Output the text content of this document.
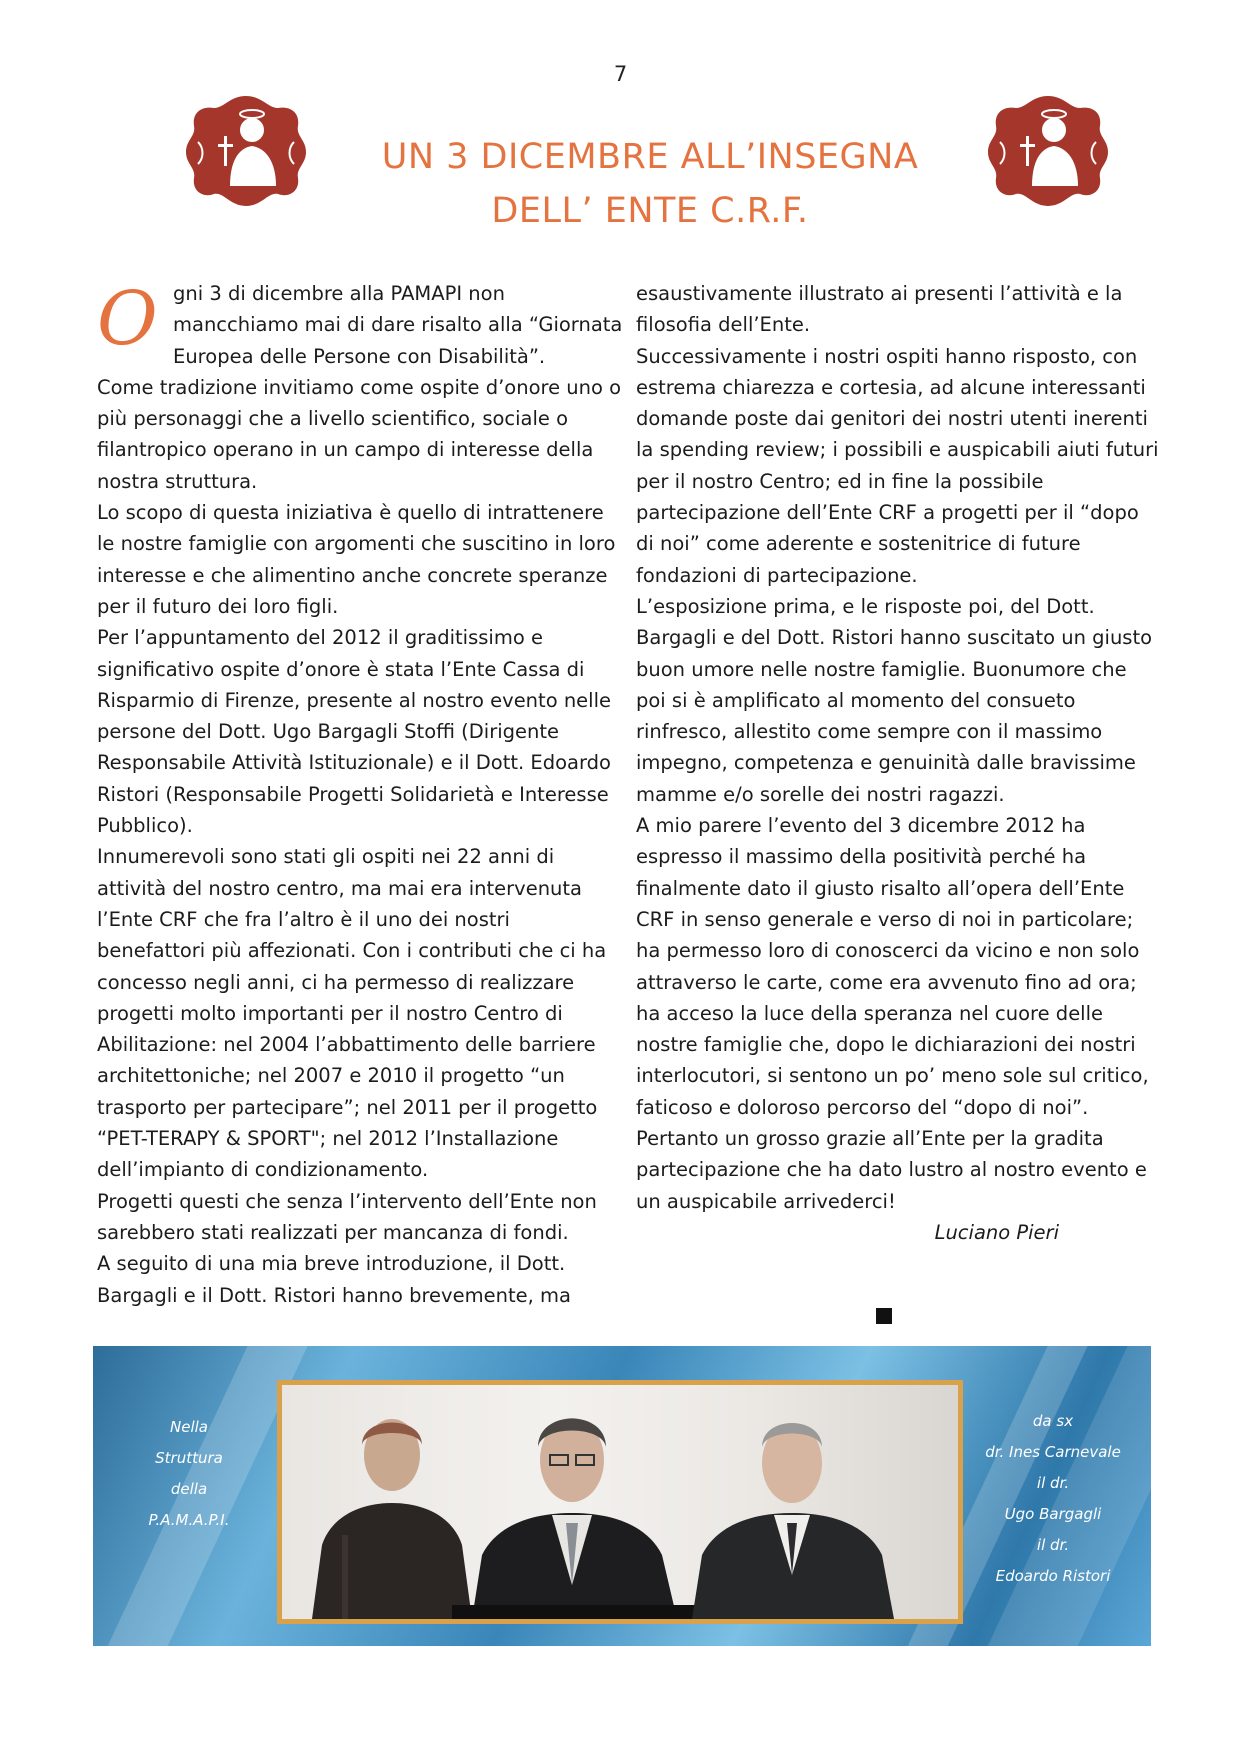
7
UN 3 DICEMBRE ALL’INSEGNA
DELL’ ENTE C.R.F.
O gni 3 di dicembre alla PAMAPI non mancchiamo mai di dare risalto alla “Giornata Europea delle Persone con Disabilità”.

Come tradizione invitiamo come ospite d’onore uno o più personaggi che a livello scientifico, sociale o filantropico operano in un campo di interesse della nostra struttura.

Lo scopo di questa iniziativa è quello di intrattenere le nostre famiglie con argomenti che suscitino in loro interesse e che alimentino anche concrete speranze per il futuro dei loro figli.

Per l’appuntamento del 2012 il graditissimo e significativo ospite d’onore è stata l’Ente Cassa di Risparmio di Firenze, presente al nostro evento nelle persone del Dott. Ugo Bargagli Stoffi (Dirigente Responsabile Attività Istituzionale) e il Dott. Edoardo Ristori (Responsabile Progetti Solidarietà e Interesse Pubblico).

Innumerevoli sono stati gli ospiti nei 22 anni di attività del nostro centro, ma mai era intervenuta l’Ente CRF che fra l’altro è il uno dei nostri benefattori più affezionati. Con i contributi che ci ha concesso negli anni, ci ha permesso di realizzare progetti molto importanti per il nostro Centro di Abilitazione: nel 2004 l’abbattimento delle barriere architettoniche; nel 2007 e 2010 il progetto “un trasporto per partecipare”; nel 2011 per il progetto “PET-TERAPY & SPORT"; nel 2012 l’Installazione dell’impianto di condizionamento.

Progetti questi che senza l’intervento dell’Ente non sarebbero stati realizzati per mancanza di fondi.

A seguito di una mia breve introduzione, il Dott. Bargagli e il Dott. Ristori hanno brevemente, ma

esaustivamente illustrato ai presenti l’attività e la filosofia dell’Ente.

Successivamente i nostri ospiti hanno risposto, con estrema chiarezza e cortesia, ad alcune interessanti domande poste dai genitori dei nostri utenti inerenti la spending review; i possibili e auspicabili aiuti futuri per il nostro Centro; ed in fine la possibile partecipazione dell’Ente CRF a progetti per il “dopo di noi” come aderente e sostenitrice di future fondazioni di partecipazione.

L’esposizione prima, e le risposte poi, del Dott. Bargagli e del Dott. Ristori hanno suscitato un giusto buon umore nelle nostre famiglie. Buonumore che poi si è amplificato al momento del consueto rinfresco, allestito come sempre con il massimo impegno, competenza e genuinità dalle bravissime mamme e/o sorelle dei nostri ragazzi.

A mio parere l’evento del 3 dicembre 2012 ha espresso il massimo della positività perché ha finalmente dato il giusto risalto all’opera dell’Ente CRF in senso generale e verso di noi in particolare; ha permesso loro di conoscerci da vicino e non solo attraverso le carte, come era avvenuto fino ad ora; ha acceso la luce della speranza nel cuore delle nostre famiglie che, dopo le dichiarazioni dei nostri interlocutori, si sentono un po’ meno sole sul critico, faticoso e doloroso percorso del “dopo di noi”.

Pertanto un grosso grazie all’Ente per la gradita partecipazione che ha dato lustro al nostro evento e un auspicabile arrivederci!

Luciano Pieri

Nella
Struttura
della
P.A.M.A.P.I.
da sx
dr. Ines Carnevale
il dr.
Ugo Bargagli
il dr.
Edoardo Ristori
